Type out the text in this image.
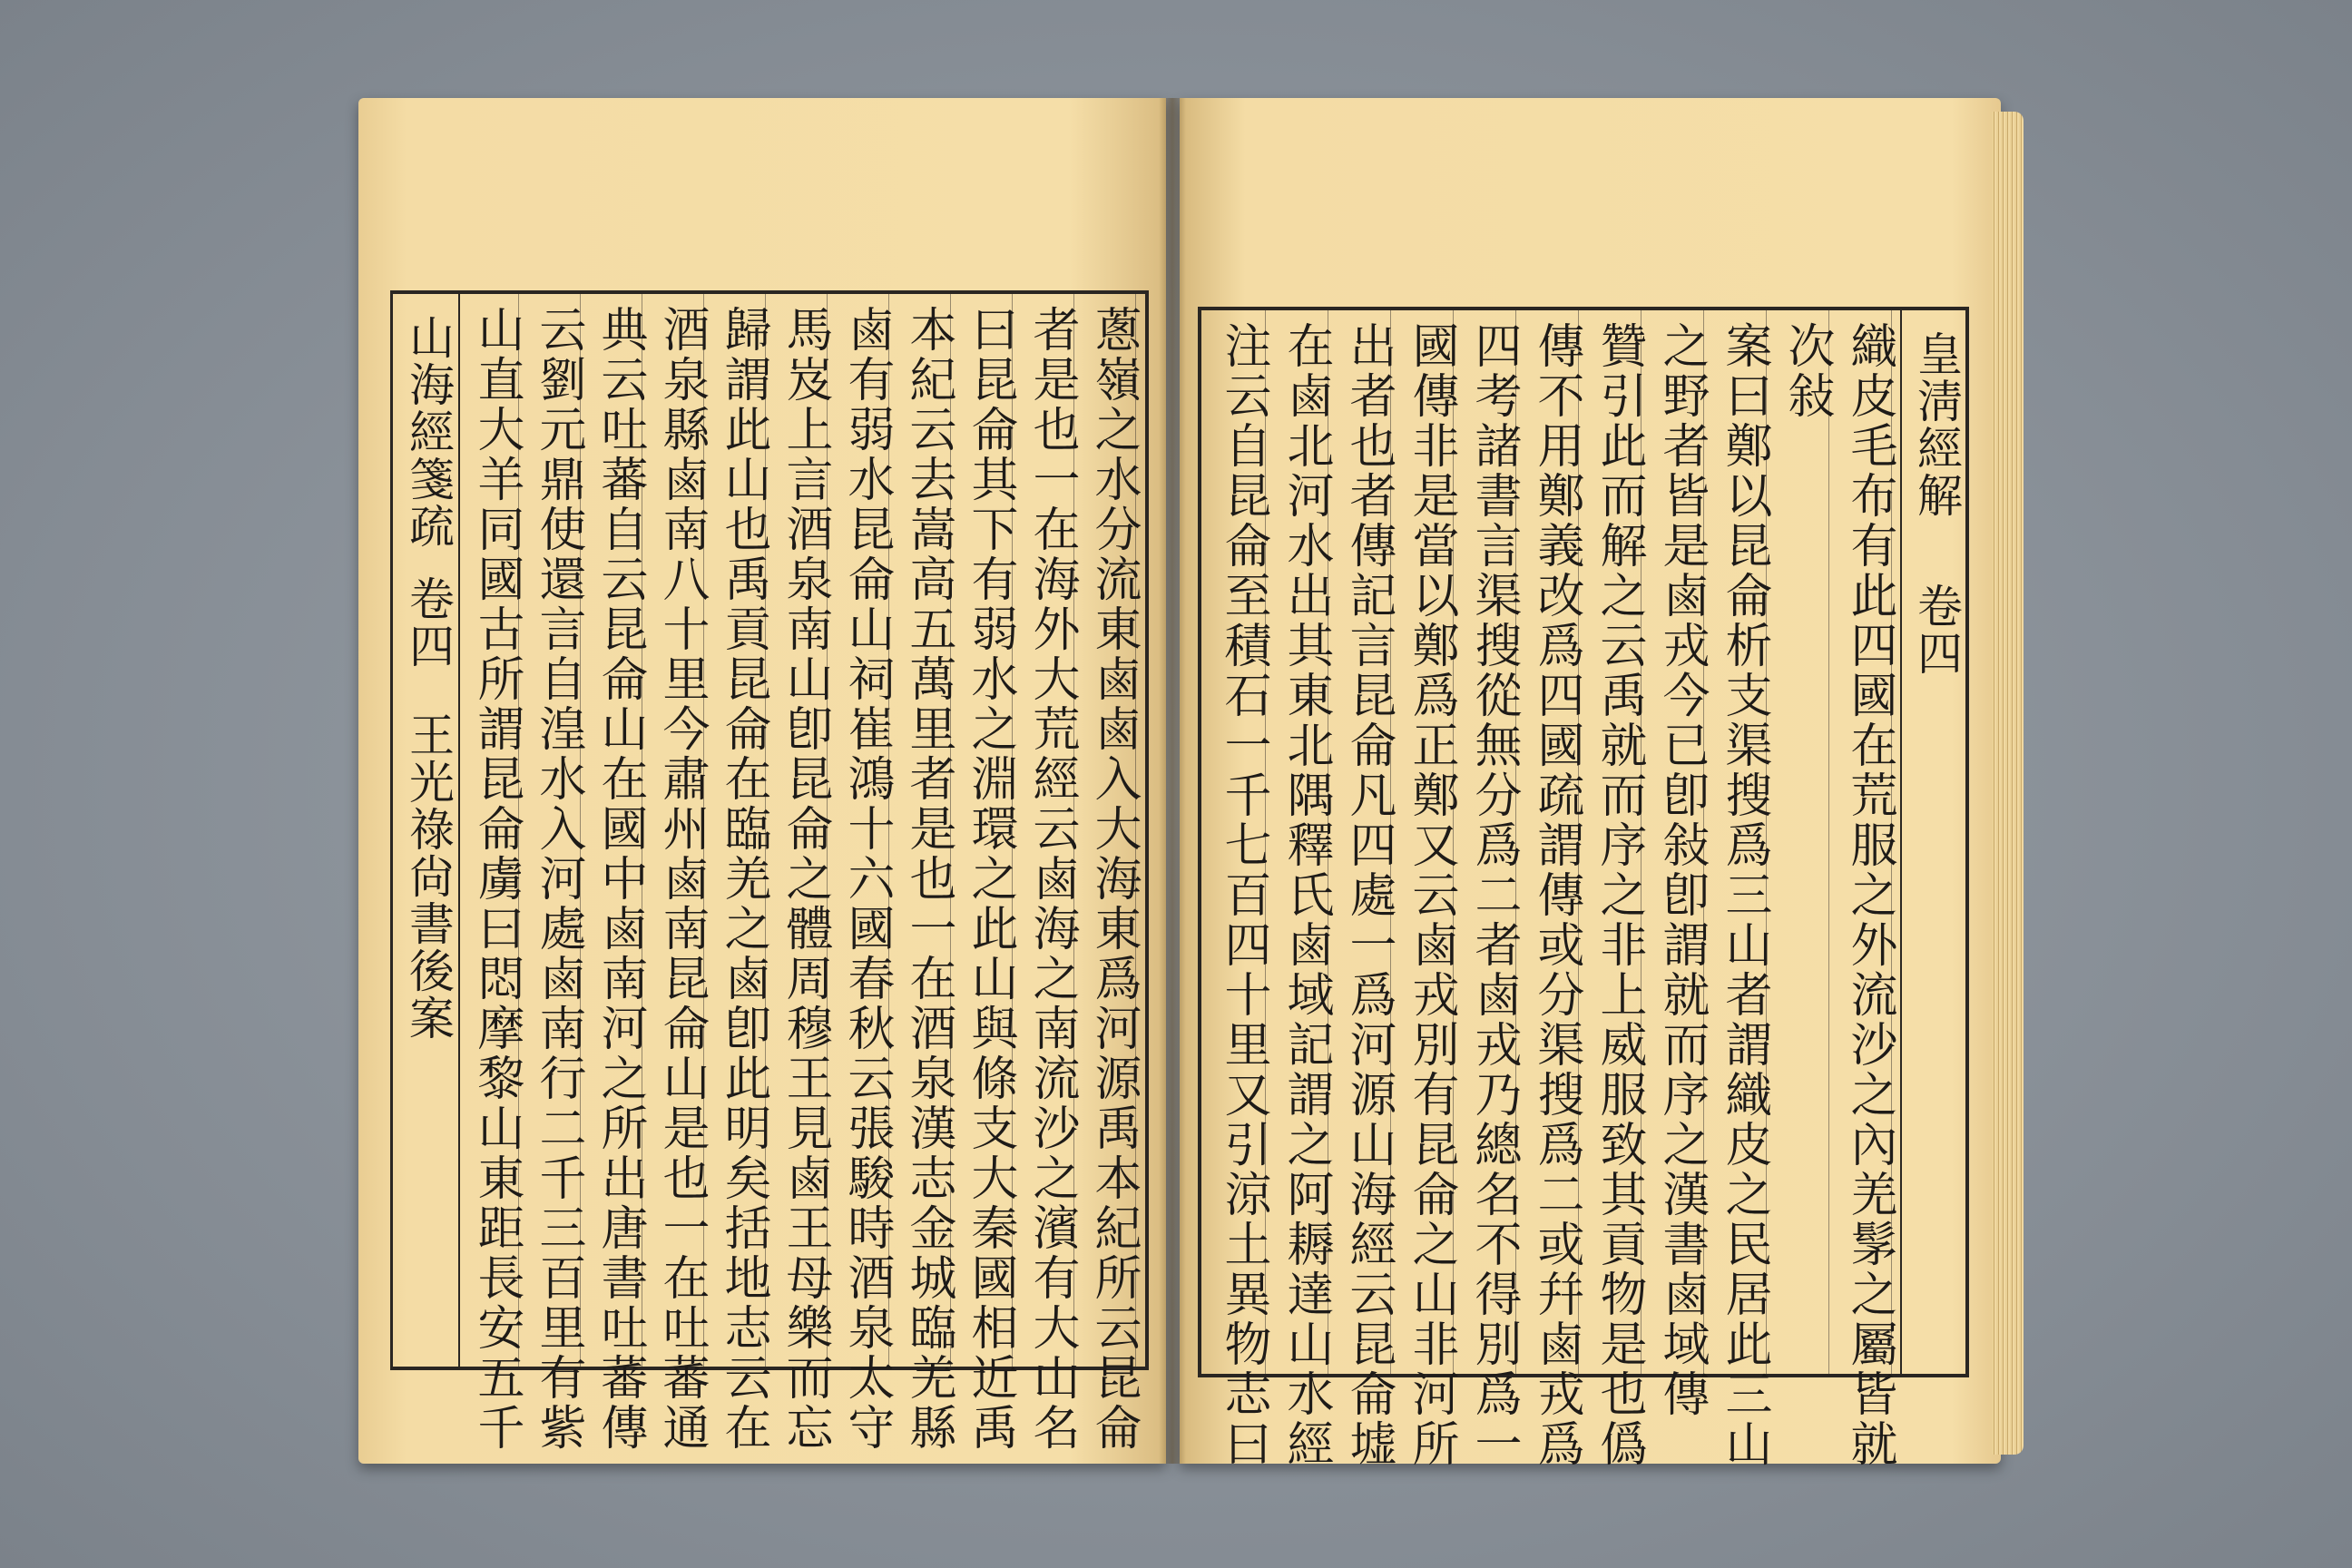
山海經箋疏
卷四
王光祿尙書後案	蔥嶺之水分流東鹵鹵入大海東爲河源禹本紀所云昆侖
者是也一在海外大荒經云鹵海之南流沙之濱有大山名
曰昆侖其下有弱水之淵環之此山與條支大秦國相近禹
本紀云去嵩高五萬里者是也一在酒泉漢志金城臨羌縣
鹵有弱水昆侖山祠崔鴻十六國春秋云張駿時酒泉太守
馬岌上言酒泉南山卽昆侖之體周穆王見鹵王母樂而忘
歸謂此山也禹貢昆侖在臨羌之鹵卽此明矣括地志云在
酒泉縣鹵南八十里今肅州鹵南昆侖山是也一在吐蕃通
典云吐蕃自云昆侖山在國中鹵南河之所出唐書吐蕃傳
云劉元鼎使還言自湟水入河處鹵南行二千三百里有紫
山直大羊同國古所謂昆侖虜曰悶摩黎山東距長安五千	皇淸經解
卷四
織皮毛布有此四國在荒服之外流沙之內羌髳之屬皆就
次敍
案曰鄭以昆侖析支渠搜爲三山者謂織皮之民居此三山
之野者皆是鹵戎今已卽敍卽謂就而序之漢書鹵域傳
贊引此而解之云禹就而序之非上威服致其貢物是也僞
傳不用鄭義改爲四國疏謂傳或分渠搜爲二或幷鹵戎爲
四考諸書言渠搜從無分爲二者鹵戎乃總名不得別爲一
國傳非是當以鄭爲正鄭又云鹵戎別有昆侖之山非河所
出者也者傳記言昆侖凡四處一爲河源山海經云昆侖墟
在鹵北河水出其東北隅釋氏鹵域記謂之阿耨達山水經
注云自昆侖至積石一千七百四十里又引涼土異物志曰
